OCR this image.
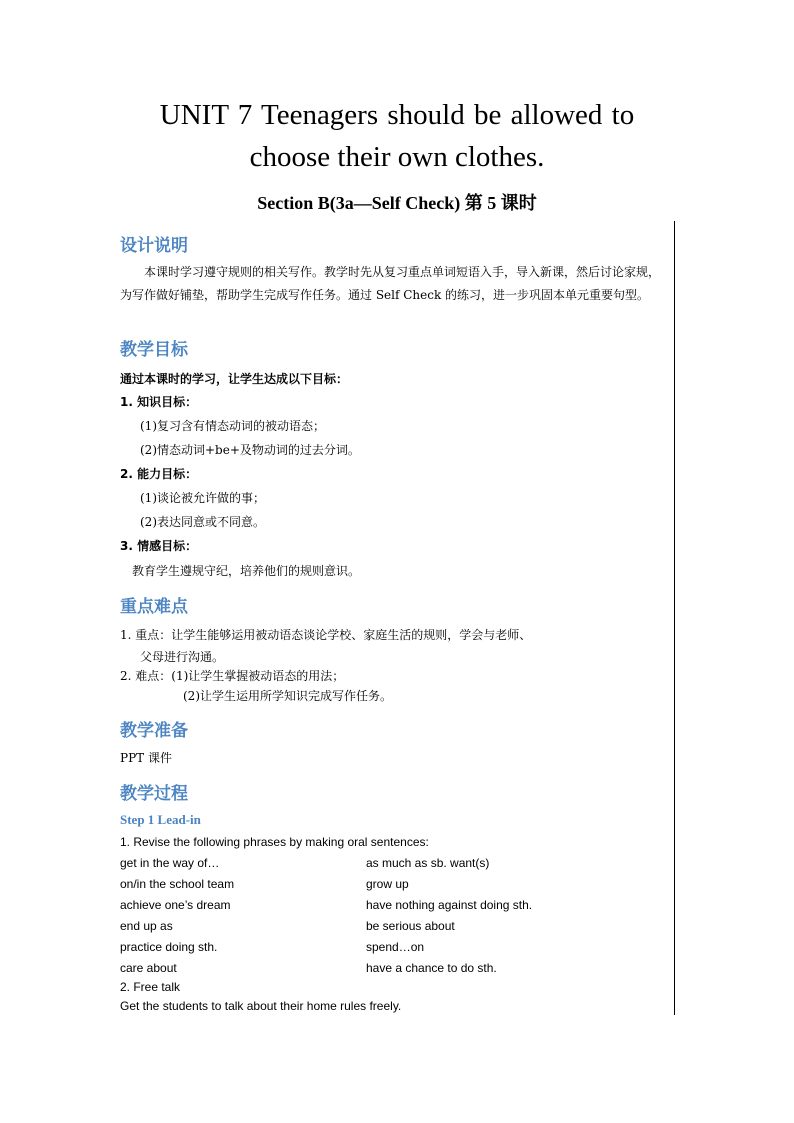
UNIT 7 Teenagers should be allowed to
choose their own clothes.
Section B(3a—Self Check) 第 5 课时
设计说明
本课时学习遵守规则的相关写作。教学时先从复习重点单词短语入手，导入新课，然后讨论家规，为写作做好铺垫，帮助学生完成写作任务。通过 Self Check 的练习，进一步巩固本单元重要句型。
教学目标
通过本课时的学习，让学生达成以下目标：
1. 知识目标：
(1)复习含有情态动词的被动语态；
(2)情态动词+be+及物动词的过去分词。
2. 能力目标：
(1)谈论被允许做的事；
(2)表达同意或不同意。
3. 情感目标：
教育学生遵规守纪，培养他们的规则意识。
重点难点
1. 重点：让学生能够运用被动语态谈论学校、家庭生活的规则，学会与老师、
父母进行沟通。
2. 难点：(1)让学生掌握被动语态的用法；
(2)让学生运用所学知识完成写作任务。
教学准备
PPT 课件
教学过程
Step 1 Lead-in
1. Revise the following phrases by making oral sentences:
get in the way of…	as much as sb. want(s)
on/in the school team	grow up
achieve one’s dream	have nothing against doing sth.
end up as	be serious about
practice doing sth.	spend…on
care about	have a chance to do sth.
2. Free talk
Get the students to talk about their home rules freely.
